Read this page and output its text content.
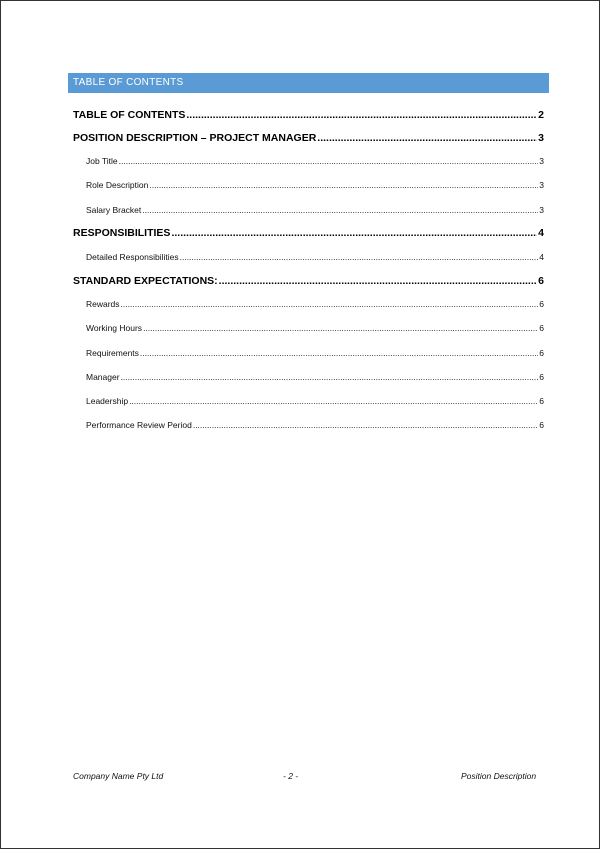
TABLE OF CONTENTS
TABLE OF CONTENTS .....	2
POSITION DESCRIPTION – PROJECT MANAGER .....	3
Job Title .....	3
Role Description .....	3
Salary Bracket .....	3
RESPONSIBILITIES .....	4
Detailed Responsibilities .....	4
STANDARD EXPECTATIONS: .....	6
Rewards .....	6
Working Hours .....	6
Requirements .....	6
Manager .....	6
Leadership .....	6
Performance Review Period .....	6
Company Name Pty Ltd	- 2 -	Position Description
